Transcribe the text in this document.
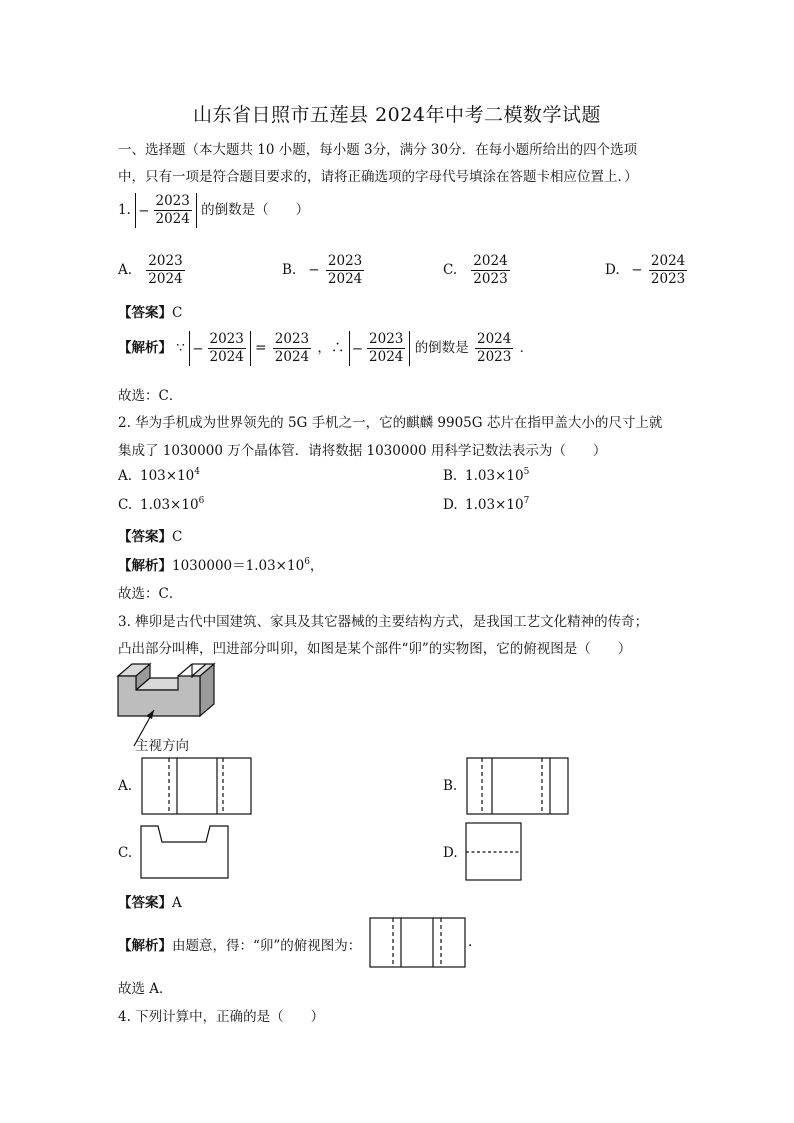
山东省日照市五莲县 2024年中考二模数学试题
一、选择题（本大题共 10 小题，每小题 3分，满分 30分．在每小题所给出的四个选项
中，只有一项是符合题目要求的，请将正确选项的字母代号填涂在答题卡相应位置上．）
1. − $\frac{2023}{2024}$ 的倒数是（　　）
A. $\frac{2023}{2024}$	B. − $\frac{2023}{2024}$	C. $\frac{2024}{2023}$	D. − $\frac{2024}{2023}$
【答案】C
【解析】 ∵ − $\frac{2023}{2024} = \frac{2023}{2024}$ ，∴ − $\frac{2023}{2024}$ 的倒数是 $\frac{2024}{2023}$ ．
故选：C．
2. 华为手机成为世界领先的 5G 手机之一，它的麒麟 9905G 芯片在指甲盖大小的尺寸上就
集成了 1030000 万个晶体管．请将数据 1030000 用科学记数法表示为（　　）
A. $103\times 10^4$	B. $1.03\times 10^5$
C. $1.03\times 10^6$	D. $1.03\times 10^7$
【答案】C
【解析】$1030000=1.03\times 10^6$，
故选：C．
3. 榫卯是古代中国建筑、家具及其它器械的主要结构方式，是我国工艺文化精神的传奇；
凸出部分叫榫，凹进部分叫卯，如图是某个部件“卯”的实物图，它的俯视图是（　　）
主视方向
A.	B.
C.	D.
【答案】A
【解析】由题意，得：“卯”的俯视图为：	.
故选 A．
4. 下列计算中，正确的是（　　）
